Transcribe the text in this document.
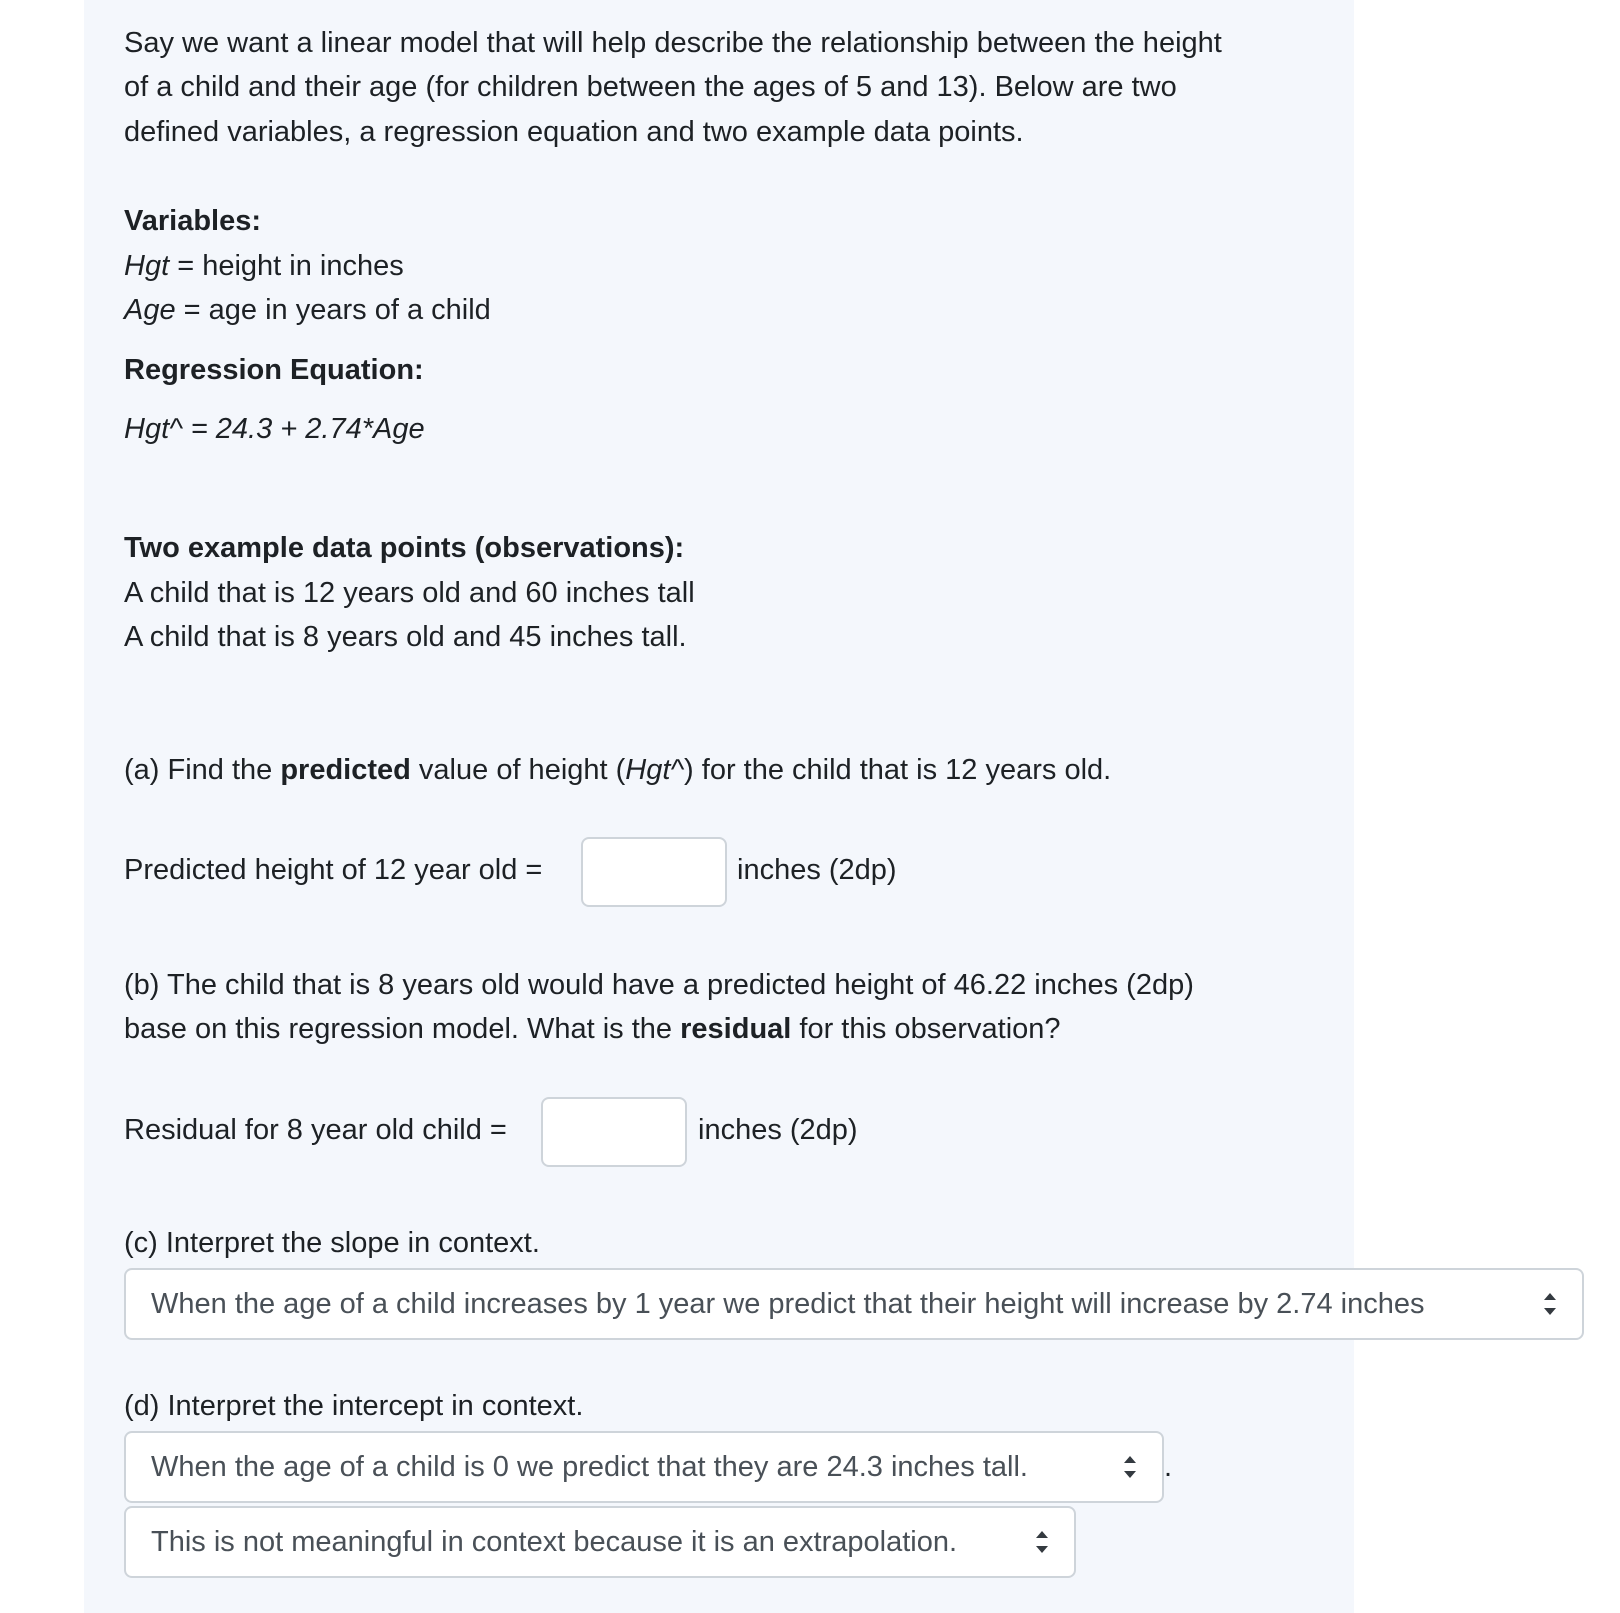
Say we want a linear model that will help describe the relationship between the height
of a child and their age (for children between the ages of 5 and 13). Below are two
defined variables, a regression equation and two example data points.
Variables:
Hgt = height in inches
Age = age in years of a child
Regression Equation:
Hgt^ = 24.3 + 2.74*Age
Two example data points (observations):
A child that is 12 years old and 60 inches tall
A child that is 8 years old and 45 inches tall.
(a) Find the predicted value of height (Hgt^) for the child that is 12 years old.
Predicted height of 12 year old =	inches (2dp)
(b) The child that is 8 years old would have a predicted height of 46.22 inches (2dp)
base on this regression model. What is the residual for this observation?
Residual for 8 year old child =	inches (2dp)
(c) Interpret the slope in context.
When the age of a child increases by 1 year we predict that their height will increase by 2.74 inches
(d) Interpret the intercept in context.
When the age of a child is 0 we predict that they are 24.3 inches tall.	.
This is not meaningful in context because it is an extrapolation.
